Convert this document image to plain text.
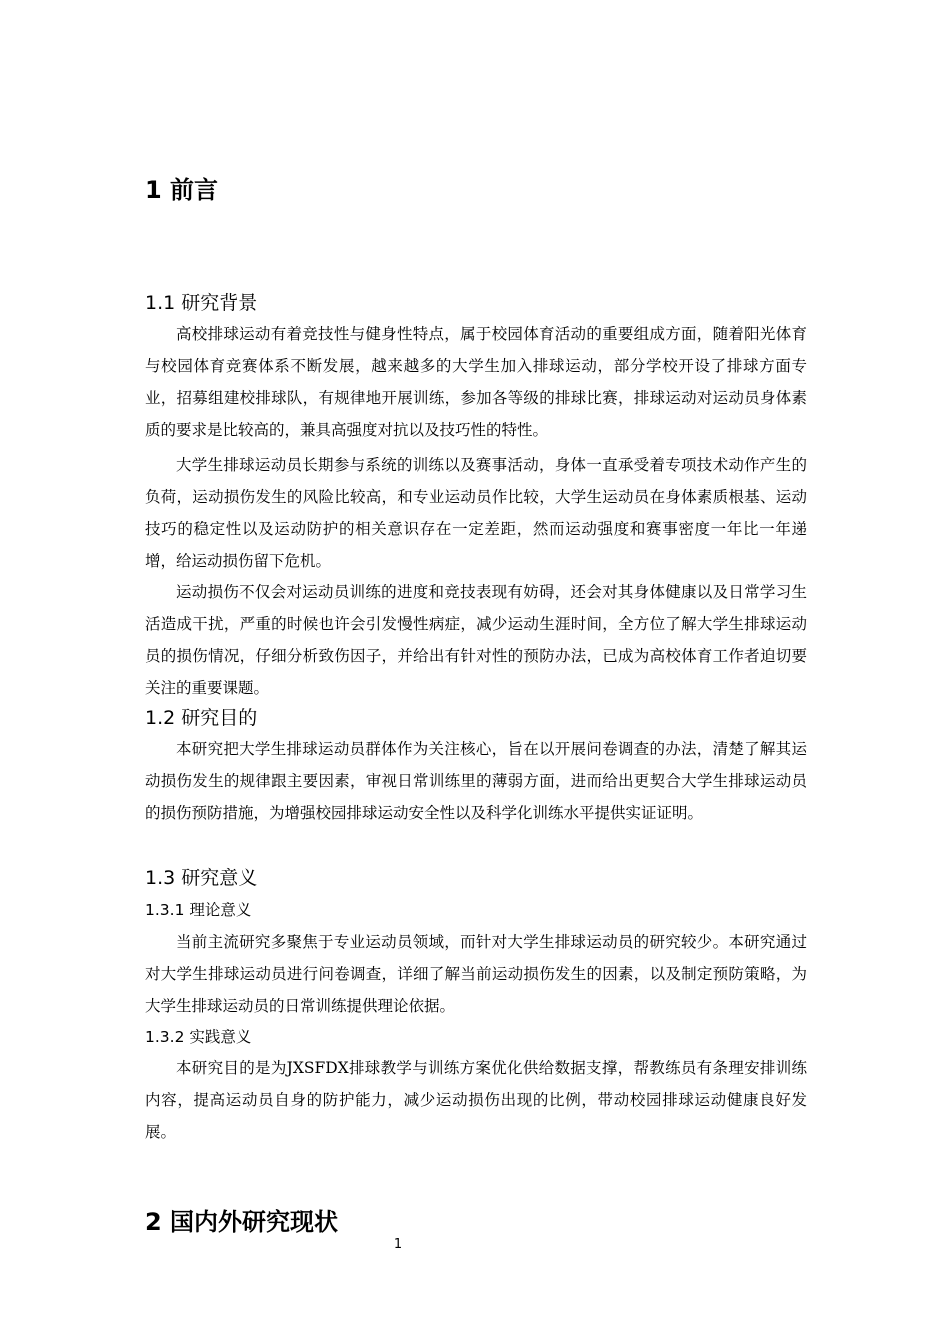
1 前言
1.1 研究背景

高校排球运动有着竞技性与健身性特点，属于校园体育活动的重要组成方面，随着阳光体育与校园体育竞赛体系不断发展，越来越多的大学生加入排球运动，部分学校开设了排球方面专业，招募组建校排球队，有规律地开展训练，参加各等级的排球比赛，排球运动对运动员身体素质的要求是比较高的，兼具高强度对抗以及技巧性的特性。

大学生排球运动员长期参与系统的训练以及赛事活动，身体一直承受着专项技术动作产生的负荷，运动损伤发生的风险比较高，和专业运动员作比较，大学生运动员在身体素质根基、运动技巧的稳定性以及运动防护的相关意识存在一定差距，然而运动强度和赛事密度一年比一年递增，给运动损伤留下危机。

运动损伤不仅会对运动员训练的进度和竞技表现有妨碍，还会对其身体健康以及日常学习生活造成干扰，严重的时候也许会引发慢性病症，减少运动生涯时间，全方位了解大学生排球运动员的损伤情况，仔细分析致伤因子，并给出有针对性的预防办法，已成为高校体育工作者迫切要关注的重要课题。

1.2 研究目的

本研究把大学生排球运动员群体作为关注核心，旨在以开展问卷调查的办法，清楚了解其运动损伤发生的规律跟主要因素，审视日常训练里的薄弱方面，进而给出更契合大学生排球运动员的损伤预防措施，为增强校园排球运动安全性以及科学化训练水平提供实证证明。

1.3 研究意义
1.3.1 理论意义

当前主流研究多聚焦于专业运动员领域，而针对大学生排球运动员的研究较少。本研究通过对大学生排球运动员进行问卷调查，详细了解当前运动损伤发生的因素，以及制定预防策略，为大学生排球运动员的日常训练提供理论依据。

1.3.2 实践意义

本研究目的是为JXSFDX排球教学与训练方案优化供给数据支撑，帮教练员有条理安排训练内容，提高运动员自身的防护能力，减少运动损伤出现的比例，带动校园排球运动健康良好发展。

2 国内外研究现状
1
